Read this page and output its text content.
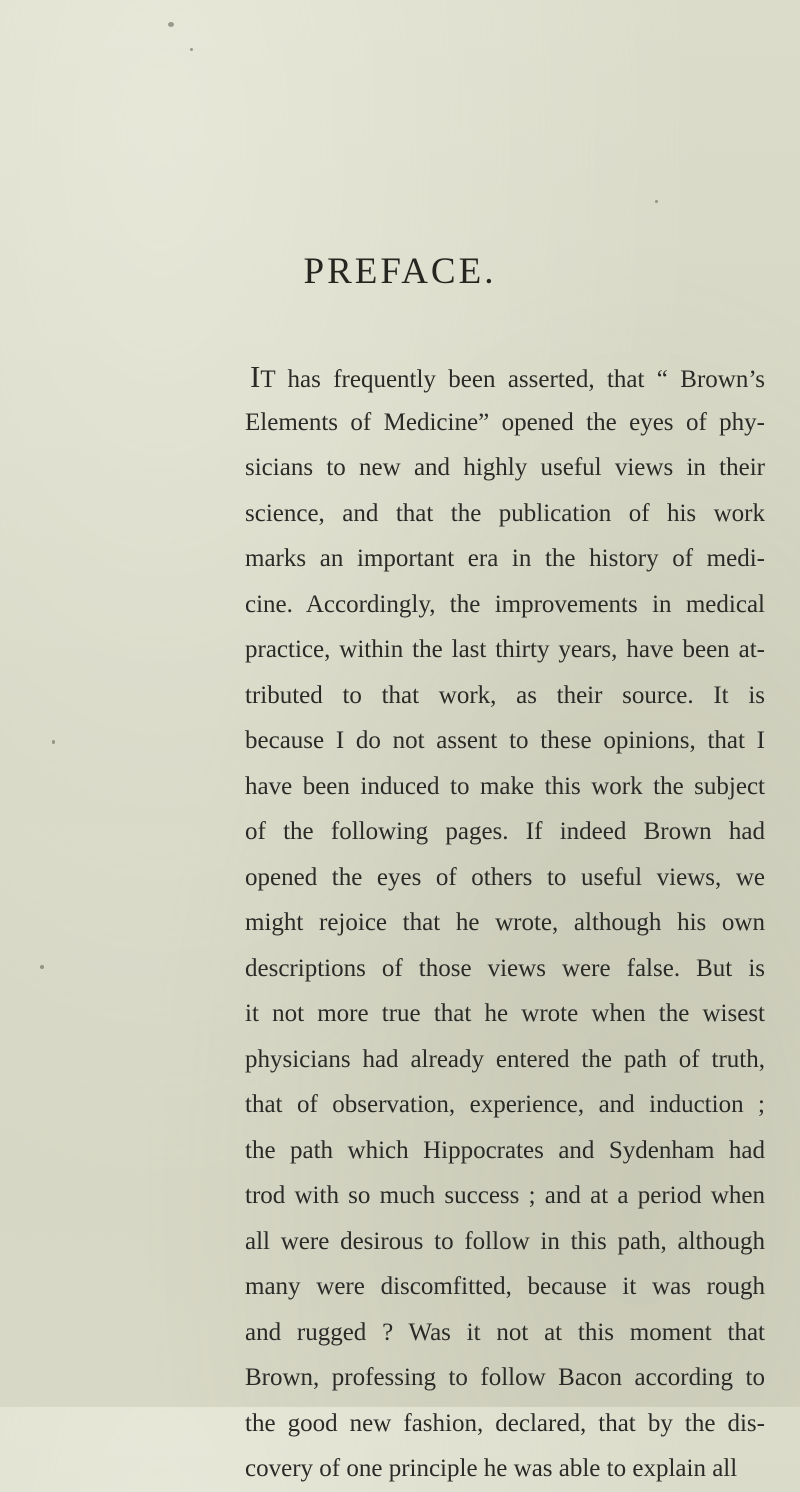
PREFACE.
IT has frequently been asserted, that “ Brown’s
Elements of Medicine” opened the eyes of phy-
sicians to new and highly useful views in their
science, and that the publication of his work
marks an important era in the history of medi-
cine. Accordingly, the improvements in medical
practice, within the last thirty years, have been at-
tributed to that work, as their source. It is
because I do not assent to these opinions, that I
have been induced to make this work the subject
of the following pages. If indeed Brown had
opened the eyes of others to useful views, we
might rejoice that he wrote, although his own
descriptions of those views were false. But is
it not more true that he wrote when the wisest
physicians had already entered the path of truth,
that of observation, experience, and induction ;
the path which Hippocrates and Sydenham had
trod with so much success ; and at a period when
all were desirous to follow in this path, although
many were discomfitted, because it was rough
and rugged ? Was it not at this moment that
Brown, professing to follow Bacon according to
the good new fashion, declared, that by the dis-
covery of one principle he was able to explain all
